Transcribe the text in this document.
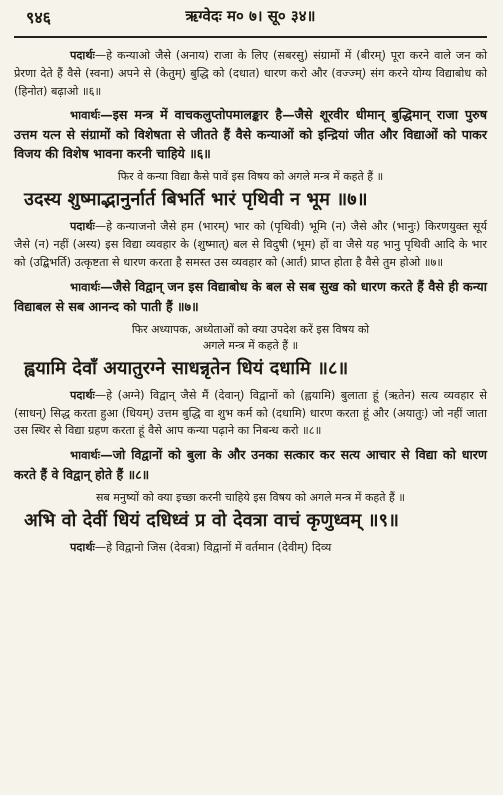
९४६	ऋग्वेदः म० ७। सू० ३४॥

पदार्थः—हे कन्याओ जैसे (अनाय) राजा के लिए (सबरसु) संग्रामों में (बीरम्) पूरा करने वाले जन को प्रेरणा देते हैं वैसे (स्वना) अपने से (केतुम्) बुद्धि को (दधात) धारण करो और (वज्ज्म्) संग करने योग्य विद्याबोध को (हिनोत) बढ़ाओ ॥६॥

भावार्थः—इस मन्त्र में वाचकलुप्तोपमालङ्कार है—जैसे शूरवीर धीमान् बुद्धिमान् राजा पुरुष उत्तम यत्न से संग्रामों को विशेषता से जीतते हैं वैसे कन्याओं को इन्द्रियां जीत और विद्याओं को पाकर विजय की विशेष भावना करनी चाहिये ॥६॥

फिर वे कन्या विद्या कैसे पावें इस विषय को अगले मन्त्र में कहते हैं ॥

उदस्य शुष्माद्भानुर्नार्त बिभर्ति भारं पृथिवी न भूम ॥७॥

पदार्थः—हे कन्याजनो जैसे हम (भारम्) भार को (पृथिवी) भूमि (न) जैसे और (भानुः) किरणयुक्त सूर्य जैसे (न) नहीं (अस्य) इस विद्या व्यवहार के (शुष्मात्) बल से विदुषी (भूम) हों वा जैसे यह भानु पृथिवी आदि के भार को (उद्बिभर्ति) उत्कृष्टता से धारण करता है समस्त उस व्यवहार को (आर्त) प्राप्त होता है वैसे तुम होओ ॥७॥

भावार्थः—जैसे विद्वान् जन इस विद्याबोध के बल से सब सुख को धारण करते हैं वैसे ही कन्या विद्याबल से सब आनन्द को पाती हैं ॥७॥

फिर अध्यापक, अध्येताओं को क्या उपदेश करें इस विषय को
अगले मन्त्र में कहते हैं ॥

ह्वयामि देवाँ अयातुरग्ने साधन्नृतेन धियं दधामि ॥८॥

पदार्थः—हे (अग्ने) विद्वान् जैसे मैं (देवान्) विद्वानों को (ह्वयामि) बुलाता हूं (ऋतेन) सत्य व्यवहार से (साधन्) सिद्ध करता हुआ (धियम्) उत्तम बुद्धि वा शुभ कर्म को (दधामि) धारण करता हूं और (अयातुः) जो नहीं जाता उस स्थिर से विद्या ग्रहण करता हूं वैसे आप कन्या पढ़ाने का निबन्ध करो ॥८॥

भावार्थः—जो विद्वानों को बुला के और उनका सत्कार कर सत्य आचार से विद्या को धारण करते हैं वे विद्वान् होते हैं ॥८॥

सब मनुष्यों को क्या इच्छा करनी चाहिये इस विषय को अगले मन्त्र में कहते हैं ॥

अभि वो देवीं धियं दधिध्वं प्र वो देवत्रा वाचं कृणुध्वम् ॥९॥

पदार्थः—हे विद्वानो जिस (देवत्रा) विद्वानों में वर्तमान (देवीम्) दिव्य
